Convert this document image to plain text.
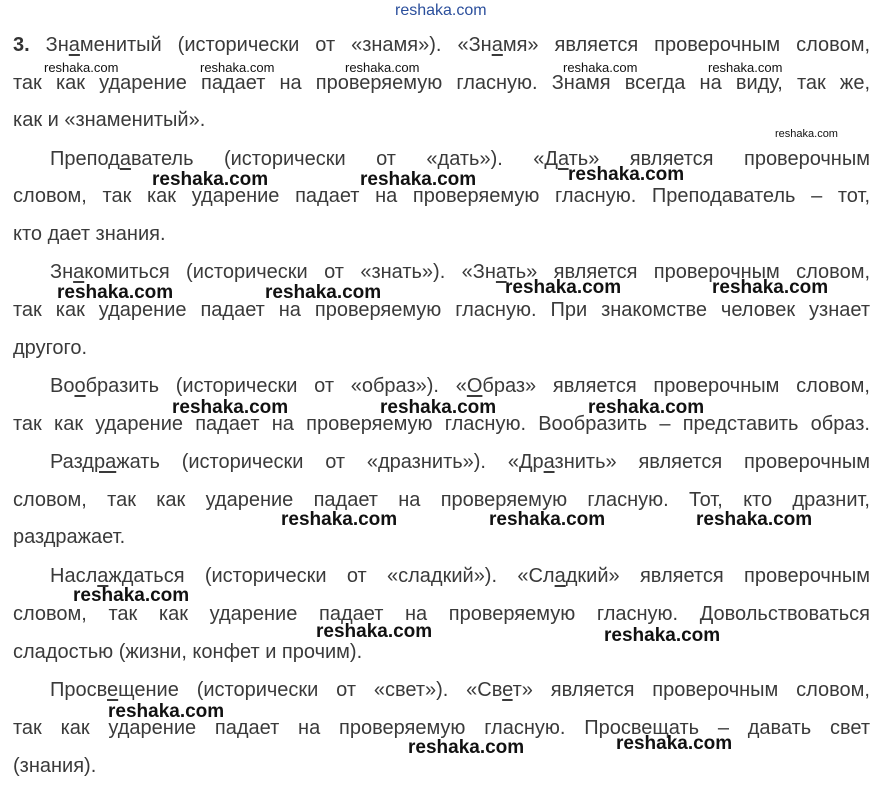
reshaka.com
3. Знаменитый (исторически от «знамя»). «Знамя» является проверочным словом,
так как ударение падает на проверяемую гласную. Знамя всегда на виду, так же,
как и «знаменитый».
Преподаватель (исторически от «дать»). «Дать» является проверочным
словом, так как ударение падает на проверяемую гласную. Преподаватель – тот,
кто дает знания.
Знакомиться (исторически от «знать»). «Знать» является проверочным словом,
так как ударение падает на проверяемую гласную. При знакомстве человек узнает
другого.
Вообразить (исторически от «образ»). «Образ» является проверочным словом,
так как ударение падает на проверяемую гласную. Вообразить – представить образ.
Раздражать (исторически от «дразнить»). «Дразнить» является проверочным
словом, так как ударение падает на проверяемую гласную. Тот, кто дразнит,
раздражает.
Наслаждаться (исторически от «сладкий»). «Сладкий» является проверочным
словом, так как ударение падает на проверяемую гласную. Довольствоваться
сладостью (жизни, конфет и прочим).
Просвещение (исторически от «свет»). «Свет» является проверочным словом,
так как ударение падает на проверяемую гласную. Просвещать – давать свет
(знания).
reshaka.com	reshaka.com	reshaka.com	reshaka.com	reshaka.com
reshaka.com
reshaka.com
reshaka.com	reshaka.com
reshaka.com	reshaka.com
reshaka.com	reshaka.com
reshaka.com	reshaka.com	reshaka.com
reshaka.com	reshaka.com	reshaka.com
reshaka.com
reshaka.com	reshaka.com
reshaka.com
reshaka.com
reshaka.com
